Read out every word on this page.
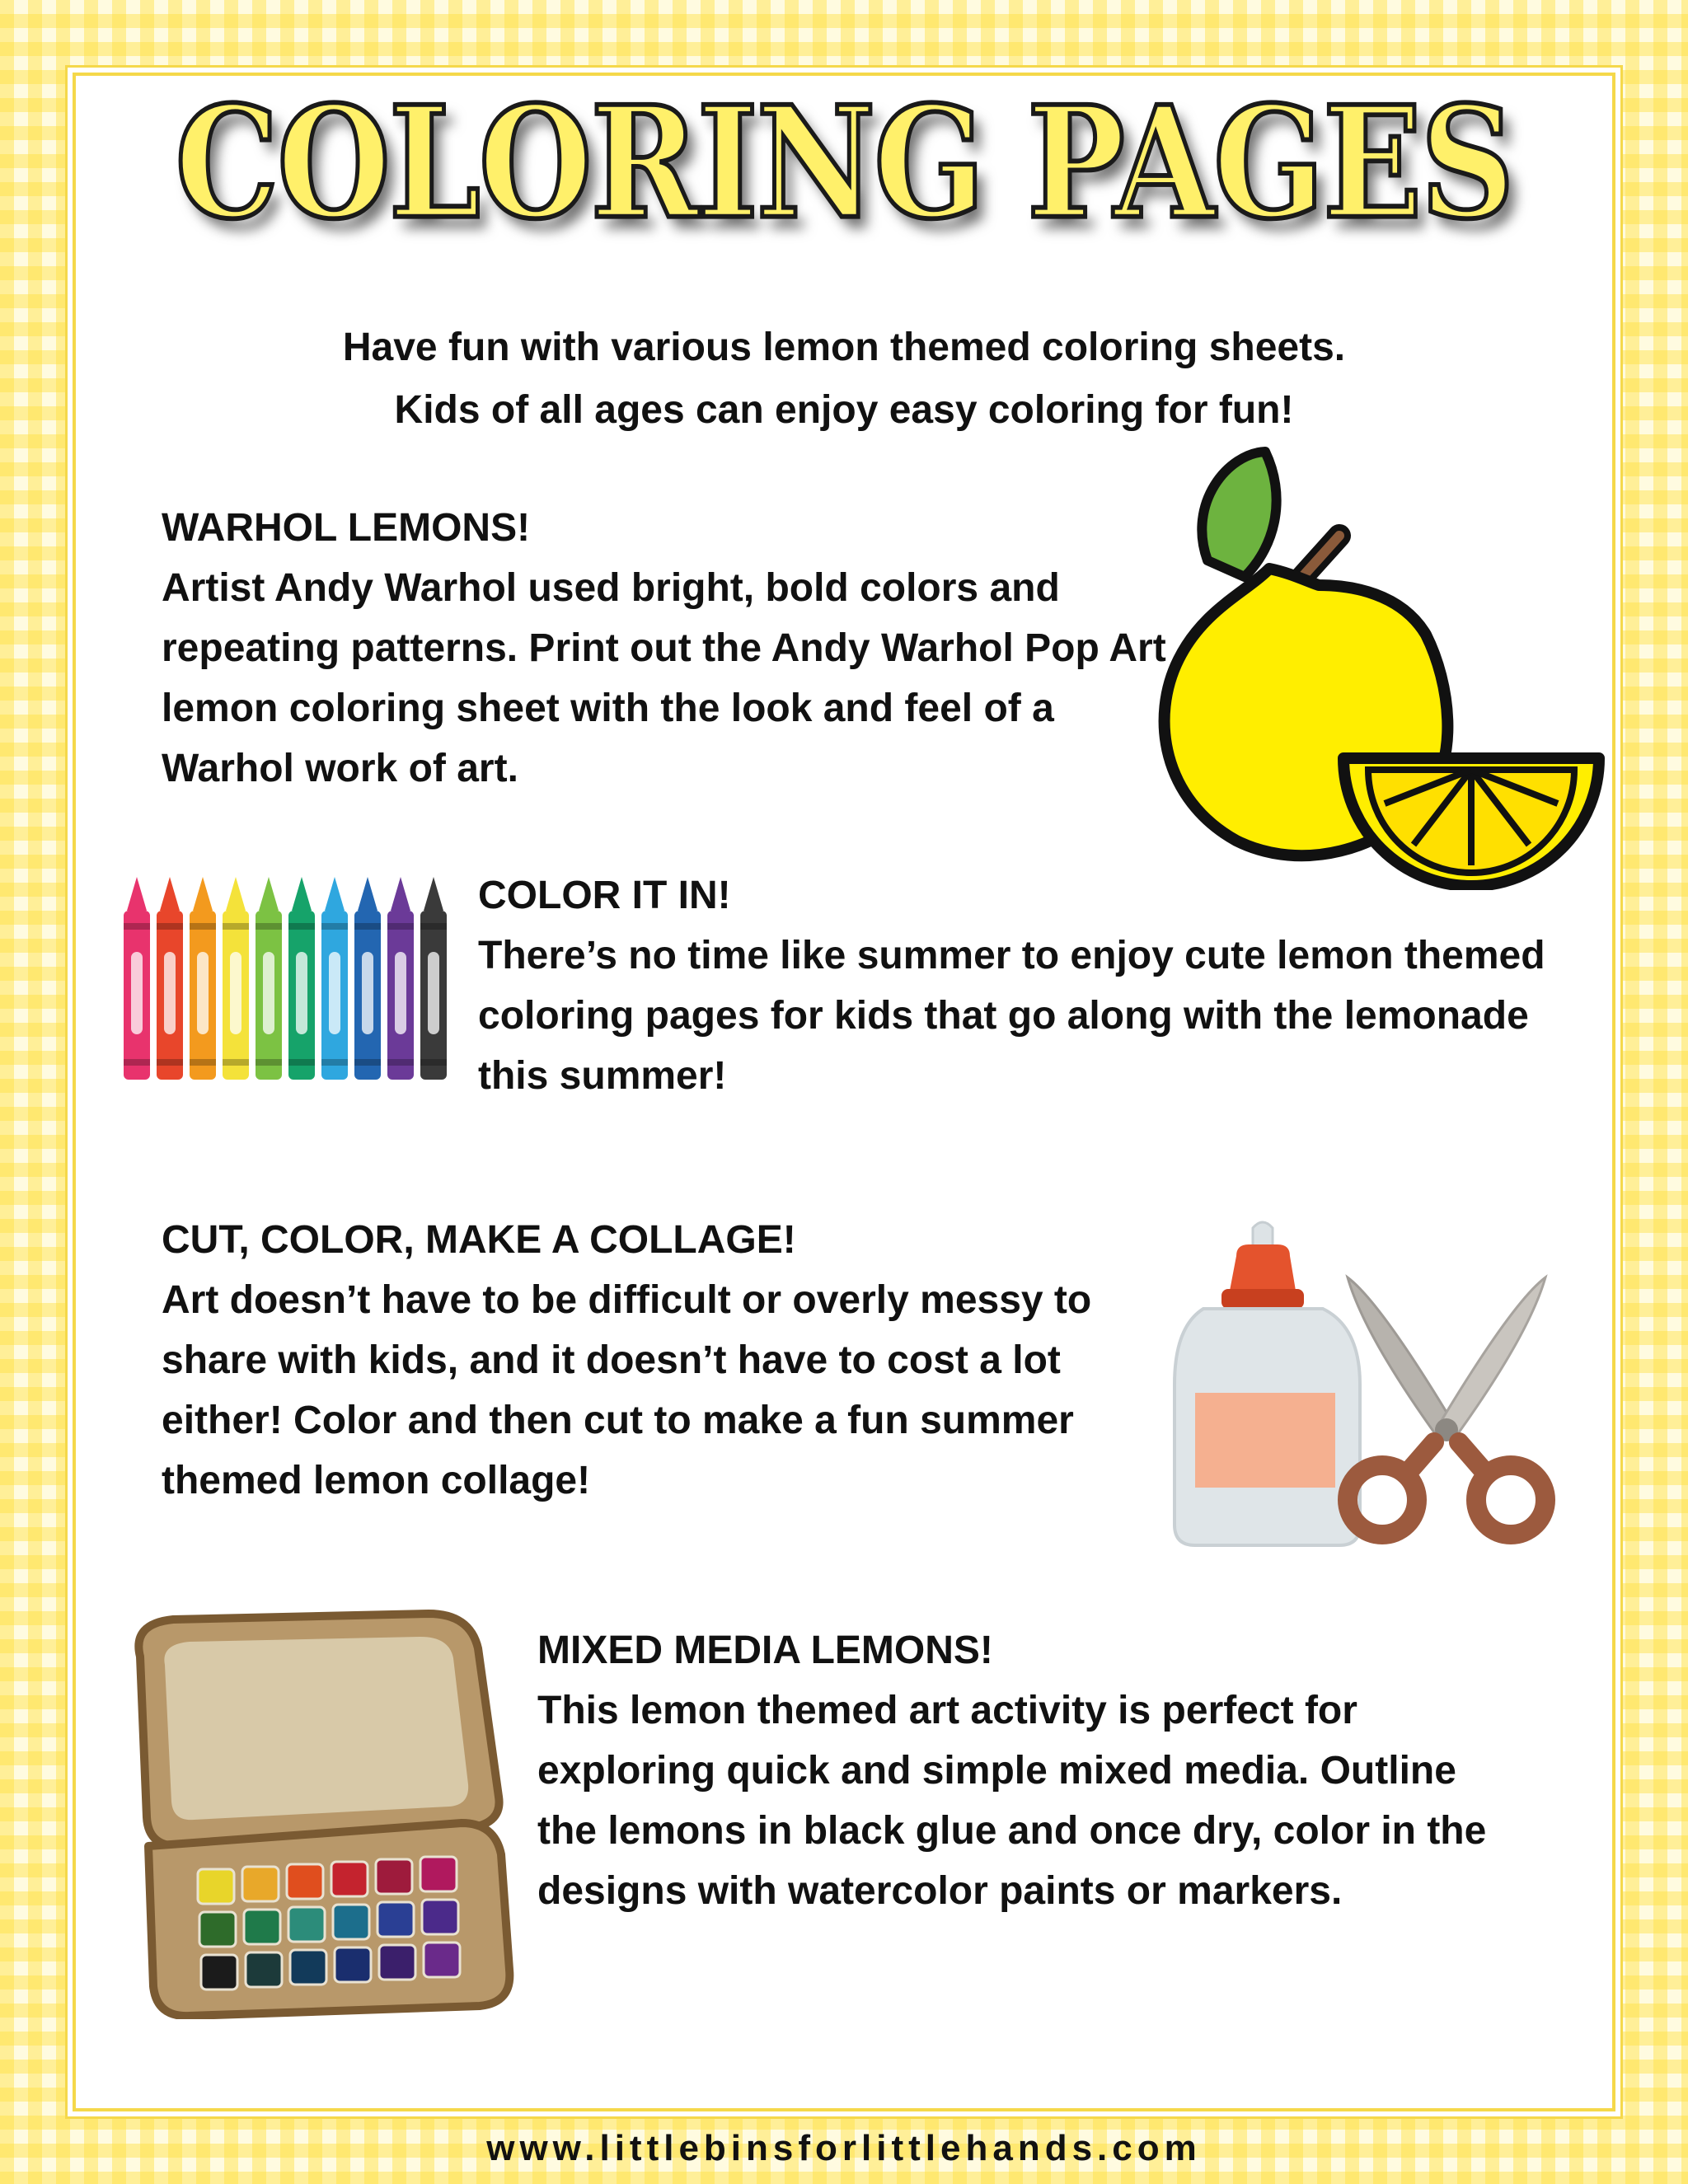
COLORING PAGES
Have fun with various lemon themed coloring sheets.
Kids of all ages can enjoy easy coloring for fun!
WARHOL LEMONS!
Artist Andy Warhol used bright, bold colors and repeating patterns. Print out the Andy Warhol Pop Art lemon coloring sheet with the look and feel of a Warhol work of art.
COLOR IT IN!
There’s no time like summer to enjoy cute lemon themed coloring pages for kids that go along with the lemonade this summer!
CUT, COLOR, MAKE A COLLAGE!
Art doesn’t have to be difficult or overly messy to share with kids, and it doesn’t have to cost a lot either! Color and then cut to make a fun summer themed lemon collage!
MIXED MEDIA LEMONS!
This lemon themed art activity is perfect for exploring quick and simple mixed media. Outline the lemons in black glue and once dry, color in the designs with watercolor paints or markers.
www.littlebinsforlittlehands.com
